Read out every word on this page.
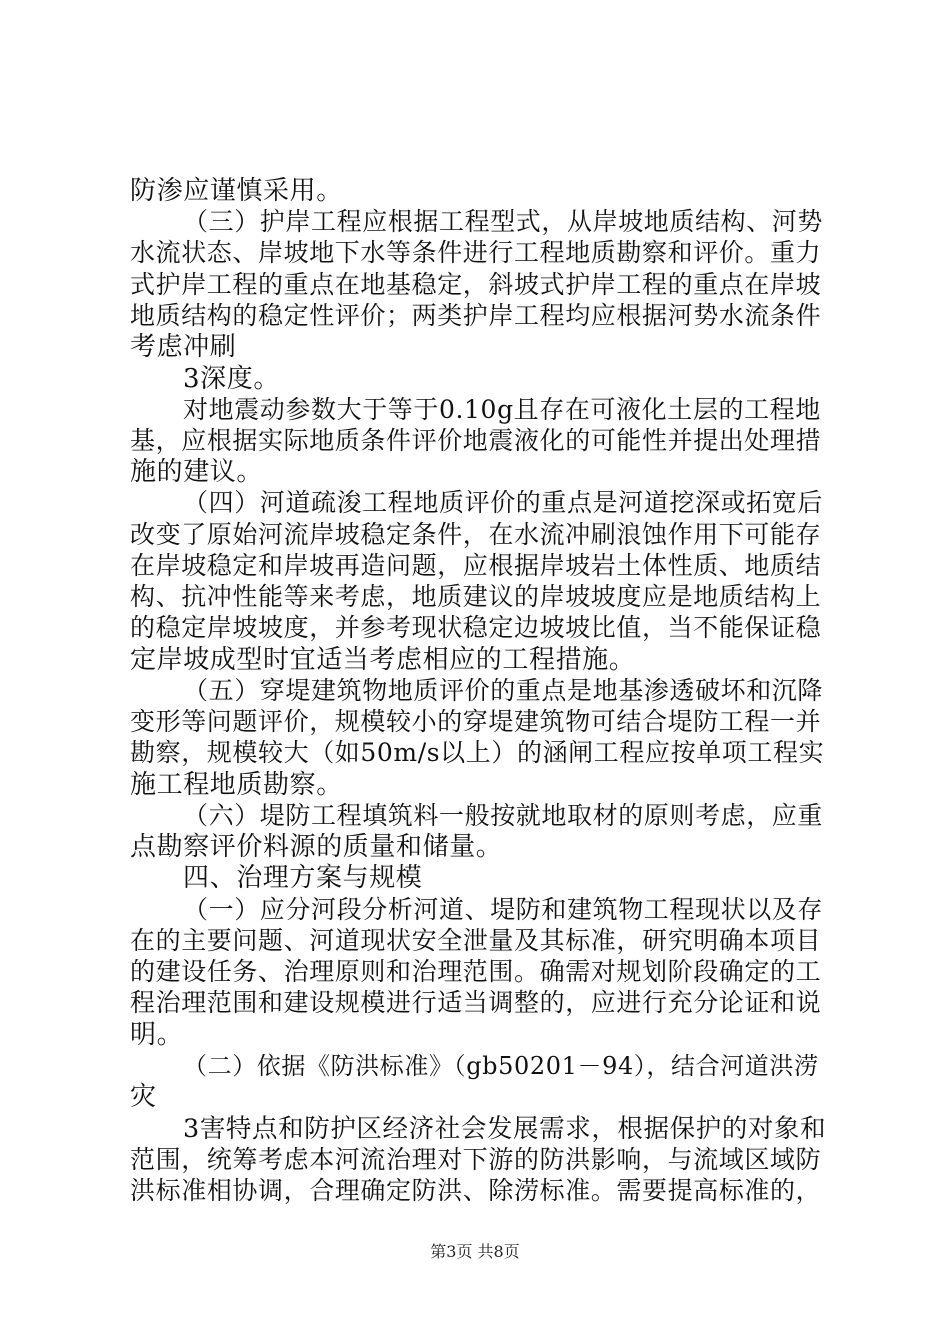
防渗应谨慎采用。
（三）护岸工程应根据工程型式，从岸坡地质结构、河势
水流状态、岸坡地下水等条件进行工程地质勘察和评价。重力
式护岸工程的重点在地基稳定，斜坡式护岸工程的重点在岸坡
地质结构的稳定性评价；两类护岸工程均应根据河势水流条件
考虑冲刷
3深度。
对地震动参数大于等于0.10g且存在可液化土层的工程地
基，应根据实际地质条件评价地震液化的可能性并提出处理措
施的建议。
（四）河道疏浚工程地质评价的重点是河道挖深或拓宽后
改变了原始河流岸坡稳定条件，在水流冲刷浪蚀作用下可能存
在岸坡稳定和岸坡再造问题，应根据岸坡岩土体性质、地质结
构、抗冲性能等来考虑，地质建议的岸坡坡度应是地质结构上
的稳定岸坡坡度，并参考现状稳定边坡坡比值，当不能保证稳
定岸坡成型时宜适当考虑相应的工程措施。
（五）穿堤建筑物地质评价的重点是地基渗透破坏和沉降
变形等问题评价，规模较小的穿堤建筑物可结合堤防工程一并
勘察，规模较大（如50m/s以上）的涵闸工程应按单项工程实
施工程地质勘察。
（六）堤防工程填筑料一般按就地取材的原则考虑，应重
点勘察评价料源的质量和储量。
四、治理方案与规模
（一）应分河段分析河道、堤防和建筑物工程现状以及存
在的主要问题、河道现状安全泄量及其标准，研究明确本项目
的建设任务、治理原则和治理范围。确需对规划阶段确定的工
程治理范围和建设规模进行适当调整的，应进行充分论证和说
明。
（二）依据《防洪标准》（gb50201－94），结合河道洪涝
灾
3害特点和防护区经济社会发展需求，根据保护的对象和
范围，统筹考虑本河流治理对下游的防洪影响，与流域区域防
洪标准相协调，合理确定防洪、除涝标准。需要提高标准的，
第3页 共8页
